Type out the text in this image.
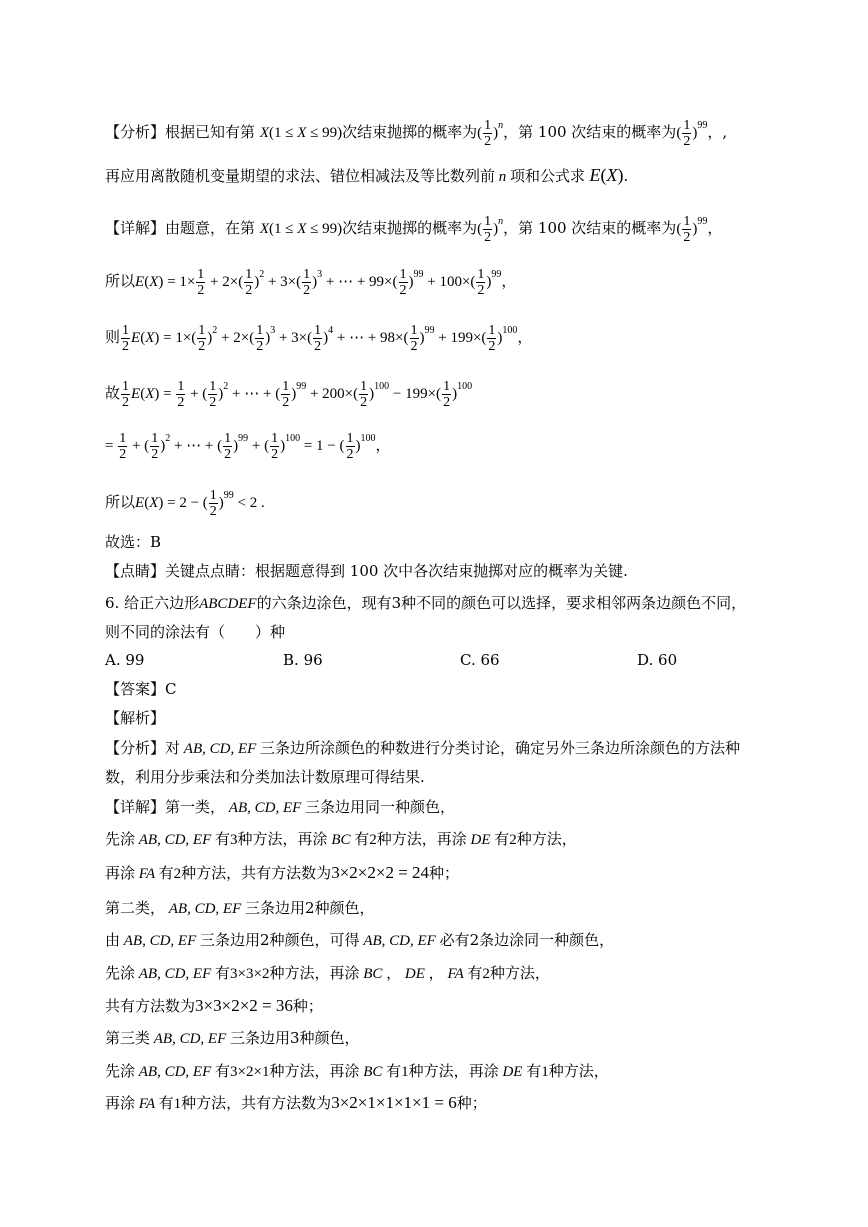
【分析】根据已知有第 X(1 ≤ X ≤ 99)次结束抛掷的概率为( $\frac{1}{2} )^n$，第 100 次结束的概率为( $\frac{1}{2} )^{99}$，,
再应用离散随机变量期望的求法、错位相减法及等比数列前 n 项和公式求 E(X).
【详解】由题意，在第 X(1 ≤ X ≤ 99)次结束抛掷的概率为( $\frac{1}{2} )^n$，第 100 次结束的概率为( $\frac{1}{2} )^{99}$，
所以$E(X) = 1\times \frac{1}{2} + 2\times( \frac{1}{2} )^2 + 3\times( \frac{1}{2} )^3$ + ⋯ + $99\times( \frac{1}{2} )^{99} + 100\times( \frac{1}{2} )^{99}$，
则 $\frac{1}{2} E(X) = 1\times( \frac{1}{2} )^2 + 2\times( \frac{1}{2} )^3 + 3\times( \frac{1}{2} )^4$ + ⋯ + $98\times( \frac{1}{2} )^{99} + 199\times( \frac{1}{2} )^{100}$，
故 $\frac{1}{2} E(X) = \frac{1}{2}$ + ( $\frac{1}{2} )^2$ + ⋯ + ( $\frac{1}{2} )^{99} + 200\times( \frac{1}{2} )^{100} - 199\times( \frac{1}{2} )^{100}$
= $\frac{1}{2}$ + ( $\frac{1}{2} )^2$ + ⋯ + ( $\frac{1}{2} )^{99}$ + ( $\frac{1}{2} )^{100} = 1$ − ( $\frac{1}{2} )^{100}$，
所以E(X) = 2 − ( $\frac{1}{2} )^{99} < 2$ .
故选：B
【点睛】关键点点睛：根据题意得到 100 次中各次结束抛掷对应的概率为关键.
6. 给正六边形ABCDEF的六条边涂色，现有3种不同的颜色可以选择，要求相邻两条边颜色不同，
则不同的涂法有（　　）种
A. 99	B. 96	C. 66	D. 60
【答案】C
【解析】
【分析】对 AB, CD, EF 三条边所涂颜色的种数进行分类讨论，确定另外三条边所涂颜色的方法种
数，利用分步乘法和分类加法计数原理可得结果.
【详解】第一类， AB, CD, EF 三条边用同一种颜色，
先涂 AB, CD, EF 有3种方法，再涂 BC 有2种方法，再涂 DE 有2种方法，
再涂 FA 有2种方法，共有方法数为3×2×2×2 = 24种；
第二类， AB, CD, EF 三条边用2种颜色，
由 AB, CD, EF 三条边用2种颜色，可得 AB, CD, EF 必有2条边涂同一种颜色，
先涂 AB, CD, EF 有3×3×2种方法，再涂 BC ， DE ， FA 有2种方法，
共有方法数为3×3×2×2 = 36种；
第三类 AB, CD, EF 三条边用3种颜色，
先涂 AB, CD, EF 有3×2×1种方法，再涂 BC 有1种方法，再涂 DE 有1种方法，
再涂 FA 有1种方法，共有方法数为3×2×1×1×1×1 = 6种；
